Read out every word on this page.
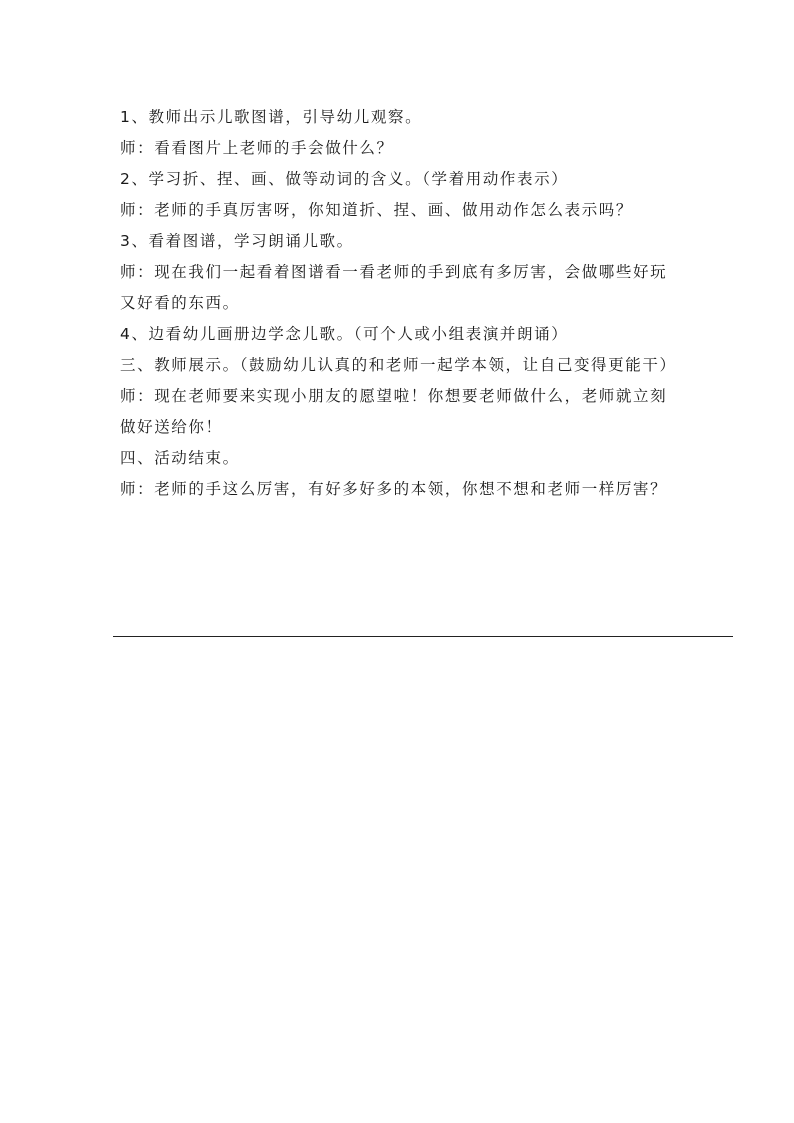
1、教师出示儿歌图谱，引导幼儿观察。
师：看看图片上老师的手会做什么？
2、学习折、捏、画、做等动词的含义。（学着用动作表示）
师：老师的手真厉害呀，你知道折、捏、画、做用动作怎么表示吗？
3、看着图谱，学习朗诵儿歌。
师：现在我们一起看着图谱看一看老师的手到底有多厉害，会做哪些好玩
又好看的东西。
4、边看幼儿画册边学念儿歌。（可个人或小组表演并朗诵）
三、教师展示。（鼓励幼儿认真的和老师一起学本领，让自己变得更能干）
师：现在老师要来实现小朋友的愿望啦！你想要老师做什么，老师就立刻
做好送给你！
四、活动结束。
师：老师的手这么厉害，有好多好多的本领，你想不想和老师一样厉害？
